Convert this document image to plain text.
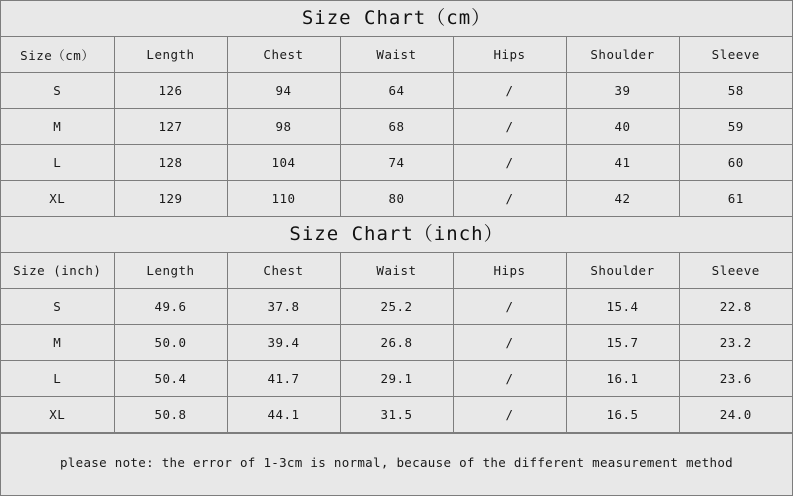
Size Chart（cm）
Size（cm）	Length	Chest	Waist	Hips	Shoulder	Sleeve
S	126	94	64	/	39	58
M	127	98	68	/	40	59
L	128	104	74	/	41	60
XL	129	110	80	/	42	61
Size Chart（inch）
Size (inch)	Length	Chest	Waist	Hips	Shoulder	Sleeve
S	49.6	37.8	25.2	/	15.4	22.8
M	50.0	39.4	26.8	/	15.7	23.2
L	50.4	41.7	29.1	/	16.1	23.6
XL	50.8	44.1	31.5	/	16.5	24.0
please note: the error of 1-3cm is normal, because of the different measurement method
